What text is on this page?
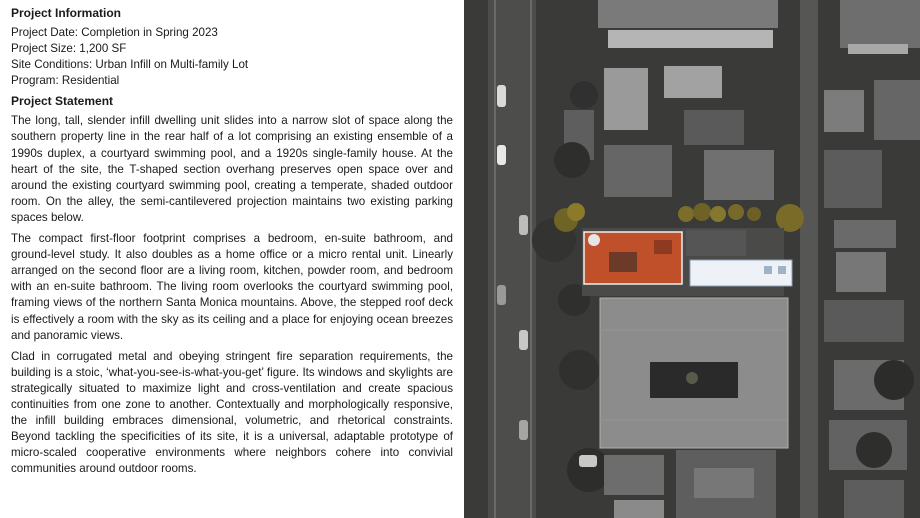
Project Information

Project Date: Completion in Spring 2023

Project Size: 1,200 SF

Site Conditions: Urban Infill on Multi-family Lot

Program: Residential

Project Statement

The long, tall, slender infill dwelling unit slides into a narrow slot of space along the southern property line in the rear half of a lot comprising an existing ensemble of a 1990s duplex, a courtyard swimming pool, and a 1920s single-family house. At the heart of the site, the T-shaped section overhang preserves open space over and around the existing courtyard swimming pool, creating a temperate, shaded outdoor room. On the alley, the semi-cantilevered projection maintains two existing parking spaces below.

The compact first-floor footprint comprises a bedroom, en-suite bathroom, and ground-level study. It also doubles as a home office or a micro rental unit. Linearly arranged on the second floor are a living room, kitchen, powder room, and bedroom with an en-suite bathroom. The living room overlooks the courtyard swimming pool, framing views of the northern Santa Monica mountains. Above, the stepped roof deck is effectively a room with the sky as its ceiling and a place for enjoying ocean breezes and panoramic views.

Clad in corrugated metal and obeying stringent fire separation requirements, the building is a stoic, ‘what-you-see-is-what-you-get’ figure. Its windows and skylights are strategically situated to maximize light and cross-ventilation and create spacious continuities from one zone to another. Contextually and morphologically responsive, the infill building embraces dimensional, volumetric, and rhetorical constraints. Beyond tackling the specificities of its site, it is a universal, adaptable prototype of micro-scaled cooperative environments where neighbors cohere into convivial communities around outdoor rooms.
